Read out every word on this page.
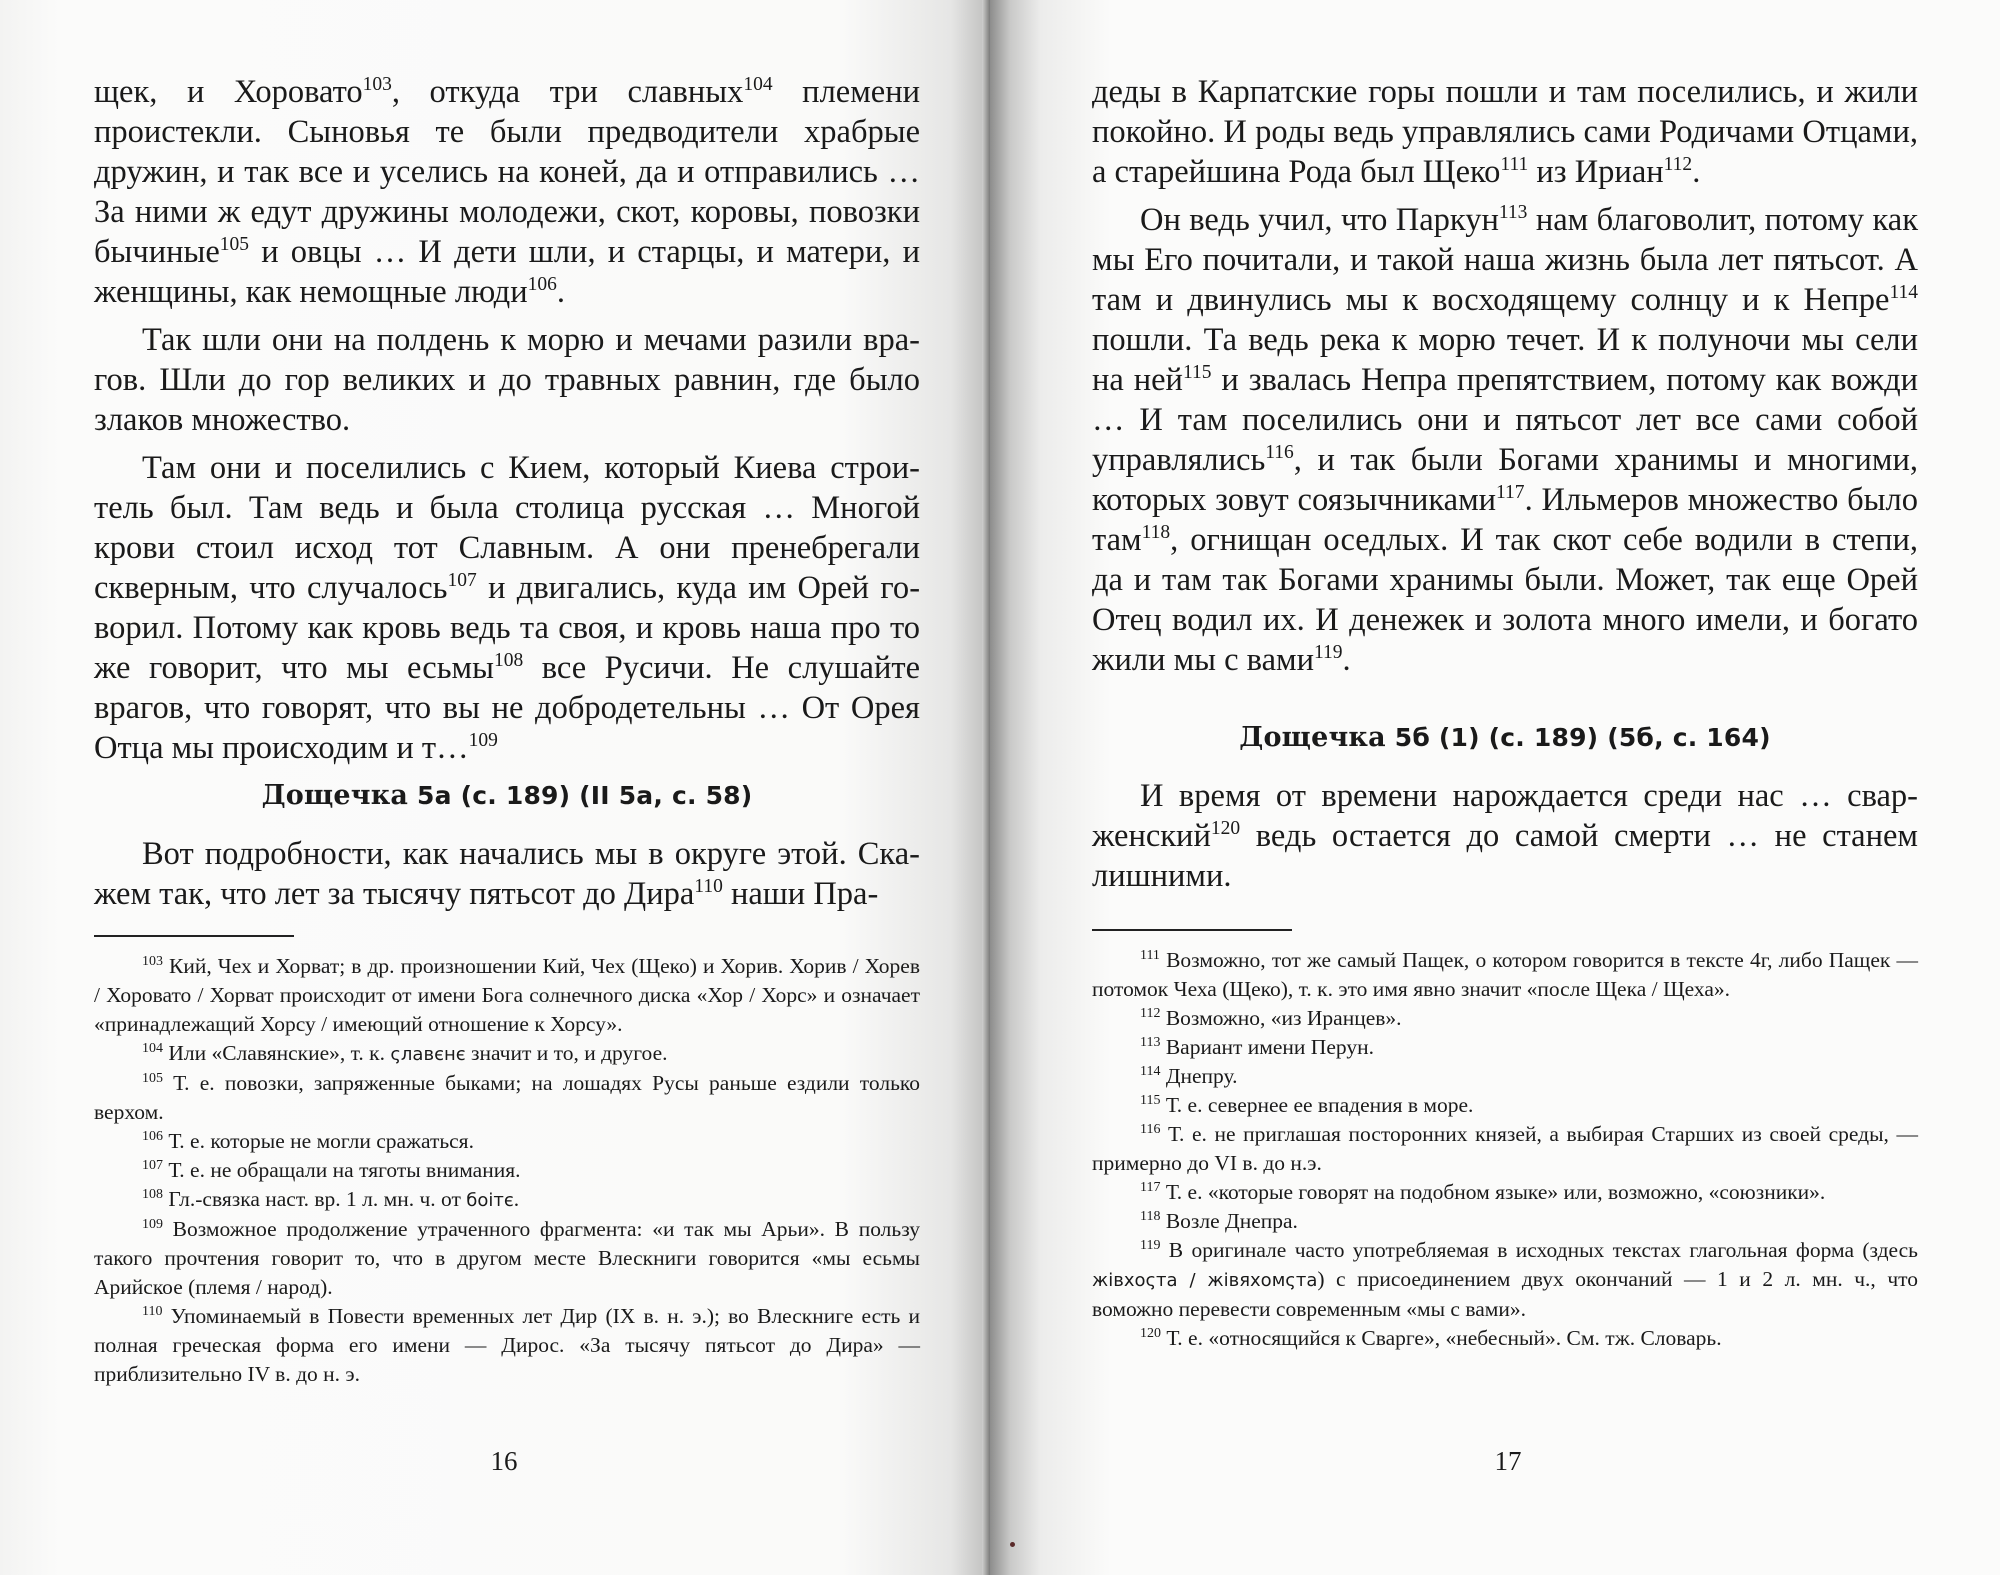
щек, и Хоровато$^{103}$, откуда три славных$^{104}$ племени проистекли. Сыновья те были предводители храбрые дружин, и так все и уселись на коней, да и отправились … За ними ж едут дружины молодежи, скот, коровы, повозки бычиные$^{105}$ и овцы … И дети шли, и старцы, и матери, и женщины, как немощные люди$^{106}$.

Так шли они на полдень к морю и мечами разили врагов. Шли до гор великих и до травных равнин, где было злаков множество.

Там они и поселились с Кием, который Киева строитель был. Там ведь и была столица русская … Многой крови стоил исход тот Славным. А они пренебрегали скверным, что случалось$^{107}$ и двигались, куда им Орей говорил. Потому как кровь ведь та своя, и кровь наша про то же говорит, что мы есьмы$^{108}$ все Русичи. Не слушайте врагов, что говорят, что вы не добродетельны … От Орея Отца мы происходим и т…$^{109}$

Дощечка 5а (с. 189) (II 5а, с. 58)

Вот подробности, как начались мы в округе этой. Скажем так, что лет за тысячу пятьсот до Дира$^{110}$ наши Пра-

$^{103}$ Кий, Чех и Хорват; в др. произношении Кий, Чех (Щеко) и Хорив. Хорив / Хорев / Хоровато / Хорват происходит от имени Бога солнечного диска «Хор / Хорс» и означает «принадлежащий Хорсу / имеющий отношение к Хорсу».

$^{104}$ Или «Славянские», т. к. ςлавєнє значит и то, и другое.

$^{105}$ Т. е. повозки, запряженные быками; на лошадях Русы раньше ездили только верхом.

$^{106}$ Т. е. которые не могли сражаться.

$^{107}$ Т. е. не обращали на тяготы внимания.

$^{108}$ Гл.-связка наст. вр. 1 л. мн. ч. от бᴏітє.

$^{109}$ Возможное продолжение утраченного фрагмента: «и так мы Арьи». В пользу такого прочтения говорит то, что в другом месте Влескниги говорится «мы есьмы Арийское (племя / народ).

$^{110}$ Упоминаемый в Повести временных лет Дир (IX в. н. э.); во Влескниге есть и полная греческая форма его имени — Дирос. «За тысячу пятьсот до Дира» — приблизительно IV в. до н. э.

16

деды в Карпатские горы пошли и там поселились, и жили покойно. И роды ведь управлялись сами Родичами Отцами, а старейшина Рода был Щеко$^{111}$ из Ириан$^{112}$.

Он ведь учил, что Паркун$^{113}$ нам благоволит, потому как мы Его почитали, и такой наша жизнь была лет пятьсот. А там и двинулись мы к восходящему солнцу и к Непре$^{114}$ пошли. Та ведь река к морю течет. И к полуночи мы сели на ней$^{115}$ и звалась Непра препятствием, потому как вожди … И там поселились они и пятьсот лет все сами собой управлялись$^{116}$, и так были Богами хранимы и многими, которых зовут соязычниками$^{117}$. Ильмеров множество было там$^{118}$, огнищан оседлых. И так скот себе водили в степи, да и там так Богами хранимы были. Может, так еще Орей Отец водил их. И денежек и золота много имели, и богато жили мы с вами$^{119}$.

Дощечка 5б (1) (с. 189) (5б, с. 164)

И время от времени нарождается среди нас … сварженский$^{120}$ ведь остается до самой смерти … не станем лишними.

$^{111}$ Возможно, тот же самый Пащек, о котором говорится в тексте 4г, либо Пащек — потомок Чеха (Щеко), т. к. это имя явно значит «после Щека / Щеха».

$^{112}$ Возможно, «из Иранцев».

$^{113}$ Вариант имени Перун.

$^{114}$ Днепру.

$^{115}$ Т. е. севернее ее впадения в море.

$^{116}$ Т. е. не приглашая посторонних князей, а выбирая Старших из своей среды, — примерно до VI в. до н.э.

$^{117}$ Т. е. «которые говорят на подобном языке» или, возможно, «союзники».

$^{118}$ Возле Днепра.

$^{119}$ В оригинале часто употребляемая в исходных текстах глагольная форма (здесь жівхоςта / жівяхомςта) с присоединением двух окончаний — 1 и 2 л. мн. ч., что воможно перевести современным «мы с вами».

$^{120}$ Т. е. «относящийся к Сварге», «небесный». См. тж. Словарь.

17
